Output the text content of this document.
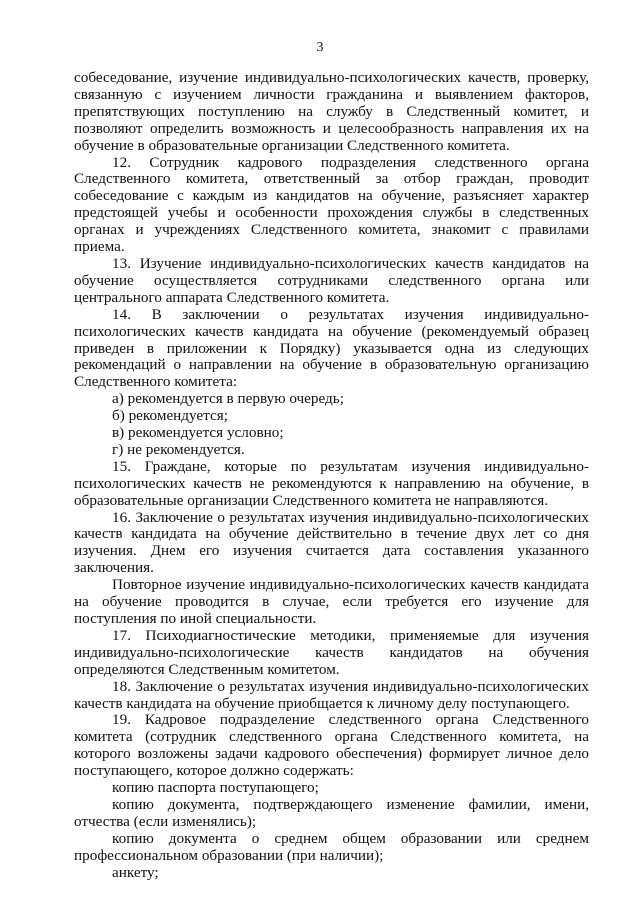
3

собеседование, изучение индивидуально-психологических качеств, проверку, связанную с изучением личности гражданина и выявлением факторов, препятствующих поступлению на службу в Следственный комитет, и позволяют определить возможность и целесообразность направления их на обучение в образовательные организации Следственного комитета.

12. Сотрудник кадрового подразделения следственного органа Следственного комитета, ответственный за отбор граждан, проводит собеседование с каждым из кандидатов на обучение, разъясняет характер предстоящей учебы и особенности прохождения службы в следственных органах и учреждениях Следственного комитета, знакомит с правилами приема.

13. Изучение индивидуально-психологических качеств кандидатов на обучение осуществляется сотрудниками следственного органа или центрального аппарата Следственного комитета.

14. В заключении о результатах изучения индивидуально-психологических качеств кандидата на обучение (рекомендуемый образец приведен в приложении к Порядку) указывается одна из следующих рекомендаций о направлении на обучение в образовательную организацию Следственного комитета:

а) рекомендуется в первую очередь;

б) рекомендуется;

в) рекомендуется условно;

г) не рекомендуется.

15. Граждане, которые по результатам изучения индивидуально-психологических качеств не рекомендуются к направлению на обучение, в образовательные организации Следственного комитета не направляются.

16. Заключение о результатах изучения индивидуально-психологических качеств кандидата на обучение действительно в течение двух лет со дня изучения. Днем его изучения считается дата составления указанного заключения.

Повторное изучение индивидуально-психологических качеств кандидата на обучение проводится в случае, если требуется его изучение для поступления по иной специальности.

17. Психодиагностические методики, применяемые для изучения индивидуально-психологические качеств кандидатов на обучения определяются Следственным комитетом.

18. Заключение о результатах изучения индивидуально-психологических качеств кандидата на обучение приобщается к личному делу поступающего.

19. Кадровое подразделение следственного органа Следственного комитета (сотрудник следственного органа Следственного комитета, на которого возложены задачи кадрового обеспечения) формирует личное дело поступающего, которое должно содержать:

копию паспорта поступающего;

копию документа, подтверждающего изменение фамилии, имени, отчества (если изменялись);

копию документа о среднем общем образовании или среднем профессиональном образовании (при наличии);

анкету;
